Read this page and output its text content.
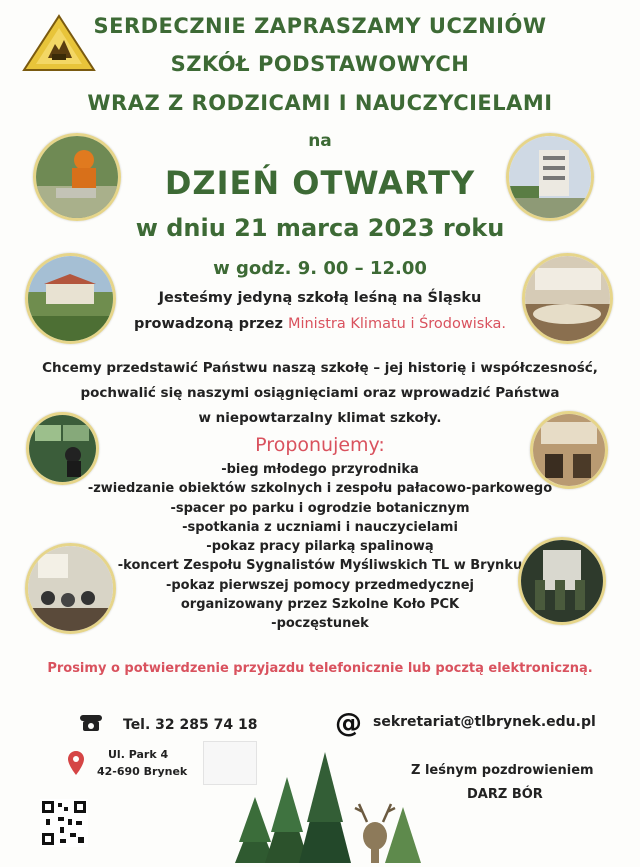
SERDECZNIE ZAPRASZAMY UCZNIÓW
SZKÓŁ PODSTAWOWYCH
WRAZ Z RODZICAMI I NAUCZYCIELAMI
na
DZIEŃ OTWARTY
w dniu 21 marca 2023 roku
w godz. 9. 00 – 12.00
Jesteśmy jedyną szkołą leśną na Śląsku
prowadzoną przez Ministra Klimatu i Środowiska.
Chcemy przedstawić Państwu naszą szkołę – jej historię i współczesność,
pochwalić się naszymi osiągnięciami oraz wprowadzić Państwa
w niepowtarzalny klimat szkoły.
Proponujemy:
-bieg młodego przyrodnika
-zwiedzanie obiektów szkolnych i zespołu pałacowo-parkowego
-spacer po parku i ogrodzie botanicznym
-spotkania z uczniami i nauczycielami
-pokaz pracy pilarką spalinową
-koncert Zespołu Sygnalistów Myśliwskich TL w Brynku
-pokaz pierwszej pomocy przedmedycznej
organizowany przez Szkolne Koło PCK
-poczęstunek
Prosimy o potwierdzenie przyjazdu telefonicznie lub pocztą elektroniczną.
Tel. 32 285 74 18	@ sekretariat@tlbrynek.edu.pl
Ul. Park 4
42-690 Brynek	Z leśnym pozdrowieniem
DARZ BÓR
